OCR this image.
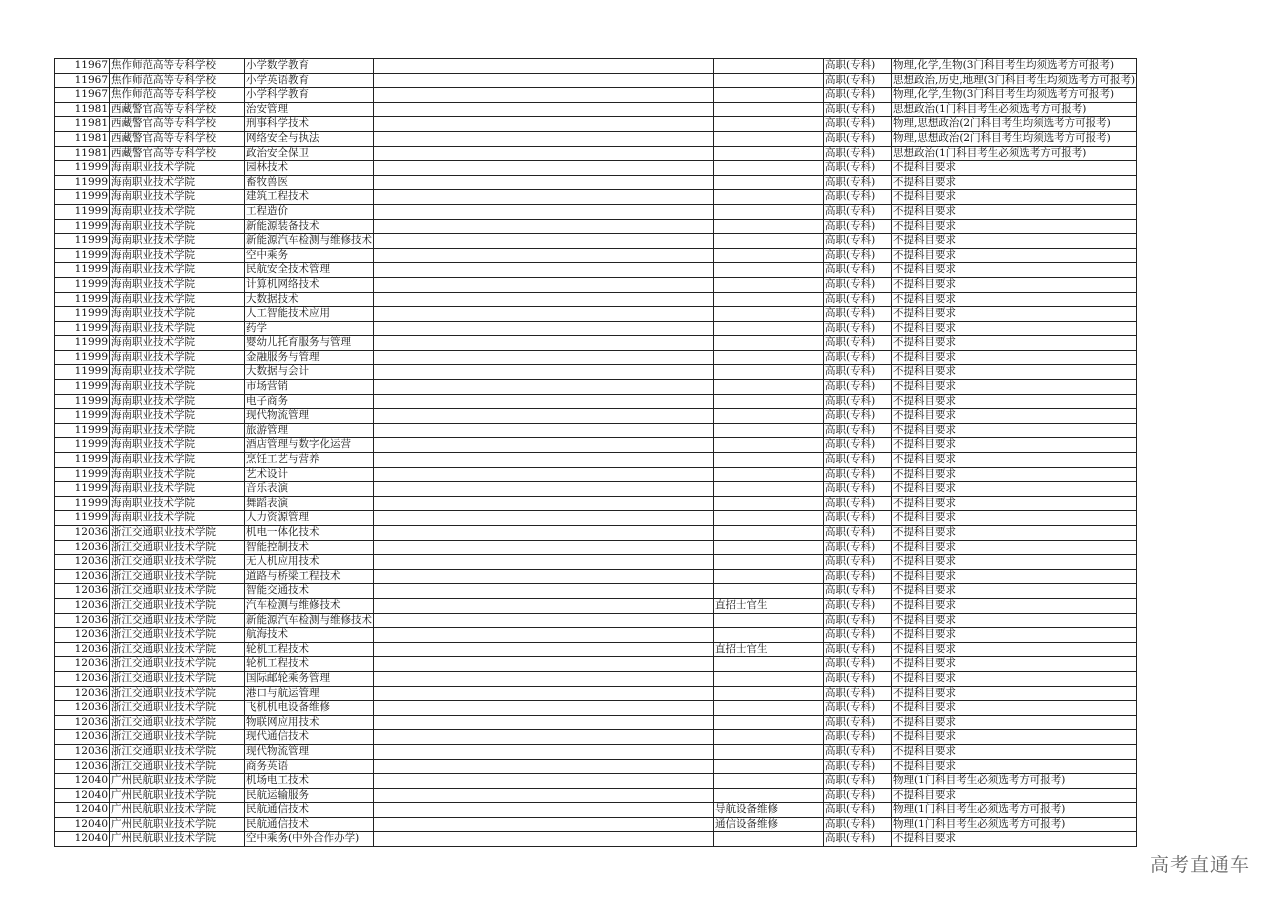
11967	焦作师范高等专科学校	小学数学教育			高职(专科)	物理,化学,生物(3门科目考生均须选考方可报考)
11967	焦作师范高等专科学校	小学英语教育			高职(专科)	思想政治,历史,地理(3门科目考生均须选考方可报考)
11967	焦作师范高等专科学校	小学科学教育			高职(专科)	物理,化学,生物(3门科目考生均须选考方可报考)
11981	西藏警官高等专科学校	治安管理			高职(专科)	思想政治(1门科目考生必须选考方可报考)
11981	西藏警官高等专科学校	刑事科学技术			高职(专科)	物理,思想政治(2门科目考生均须选考方可报考)
11981	西藏警官高等专科学校	网络安全与执法			高职(专科)	物理,思想政治(2门科目考生均须选考方可报考)
11981	西藏警官高等专科学校	政治安全保卫			高职(专科)	思想政治(1门科目考生必须选考方可报考)
11999	海南职业技术学院	园林技术			高职(专科)	不提科目要求
11999	海南职业技术学院	畜牧兽医			高职(专科)	不提科目要求
11999	海南职业技术学院	建筑工程技术			高职(专科)	不提科目要求
11999	海南职业技术学院	工程造价			高职(专科)	不提科目要求
11999	海南职业技术学院	新能源装备技术			高职(专科)	不提科目要求
11999	海南职业技术学院	新能源汽车检测与维修技术			高职(专科)	不提科目要求
11999	海南职业技术学院	空中乘务			高职(专科)	不提科目要求
11999	海南职业技术学院	民航安全技术管理			高职(专科)	不提科目要求
11999	海南职业技术学院	计算机网络技术			高职(专科)	不提科目要求
11999	海南职业技术学院	大数据技术			高职(专科)	不提科目要求
11999	海南职业技术学院	人工智能技术应用			高职(专科)	不提科目要求
11999	海南职业技术学院	药学			高职(专科)	不提科目要求
11999	海南职业技术学院	婴幼儿托育服务与管理			高职(专科)	不提科目要求
11999	海南职业技术学院	金融服务与管理			高职(专科)	不提科目要求
11999	海南职业技术学院	大数据与会计			高职(专科)	不提科目要求
11999	海南职业技术学院	市场营销			高职(专科)	不提科目要求
11999	海南职业技术学院	电子商务			高职(专科)	不提科目要求
11999	海南职业技术学院	现代物流管理			高职(专科)	不提科目要求
11999	海南职业技术学院	旅游管理			高职(专科)	不提科目要求
11999	海南职业技术学院	酒店管理与数字化运营			高职(专科)	不提科目要求
11999	海南职业技术学院	烹饪工艺与营养			高职(专科)	不提科目要求
11999	海南职业技术学院	艺术设计			高职(专科)	不提科目要求
11999	海南职业技术学院	音乐表演			高职(专科)	不提科目要求
11999	海南职业技术学院	舞蹈表演			高职(专科)	不提科目要求
11999	海南职业技术学院	人力资源管理			高职(专科)	不提科目要求
12036	浙江交通职业技术学院	机电一体化技术			高职(专科)	不提科目要求
12036	浙江交通职业技术学院	智能控制技术			高职(专科)	不提科目要求
12036	浙江交通职业技术学院	无人机应用技术			高职(专科)	不提科目要求
12036	浙江交通职业技术学院	道路与桥梁工程技术			高职(专科)	不提科目要求
12036	浙江交通职业技术学院	智能交通技术			高职(专科)	不提科目要求
12036	浙江交通职业技术学院	汽车检测与维修技术		直招士官生	高职(专科)	不提科目要求
12036	浙江交通职业技术学院	新能源汽车检测与维修技术			高职(专科)	不提科目要求
12036	浙江交通职业技术学院	航海技术			高职(专科)	不提科目要求
12036	浙江交通职业技术学院	轮机工程技术		直招士官生	高职(专科)	不提科目要求
12036	浙江交通职业技术学院	轮机工程技术			高职(专科)	不提科目要求
12036	浙江交通职业技术学院	国际邮轮乘务管理			高职(专科)	不提科目要求
12036	浙江交通职业技术学院	港口与航运管理			高职(专科)	不提科目要求
12036	浙江交通职业技术学院	飞机机电设备维修			高职(专科)	不提科目要求
12036	浙江交通职业技术学院	物联网应用技术			高职(专科)	不提科目要求
12036	浙江交通职业技术学院	现代通信技术			高职(专科)	不提科目要求
12036	浙江交通职业技术学院	现代物流管理			高职(专科)	不提科目要求
12036	浙江交通职业技术学院	商务英语			高职(专科)	不提科目要求
12040	广州民航职业技术学院	机场电工技术			高职(专科)	物理(1门科目考生必须选考方可报考)
12040	广州民航职业技术学院	民航运输服务			高职(专科)	不提科目要求
12040	广州民航职业技术学院	民航通信技术		导航设备维修	高职(专科)	物理(1门科目考生必须选考方可报考)
12040	广州民航职业技术学院	民航通信技术		通信设备维修	高职(专科)	物理(1门科目考生必须选考方可报考)
12040	广州民航职业技术学院	空中乘务(中外合作办学)			高职(专科)	不提科目要求
高考直通车
